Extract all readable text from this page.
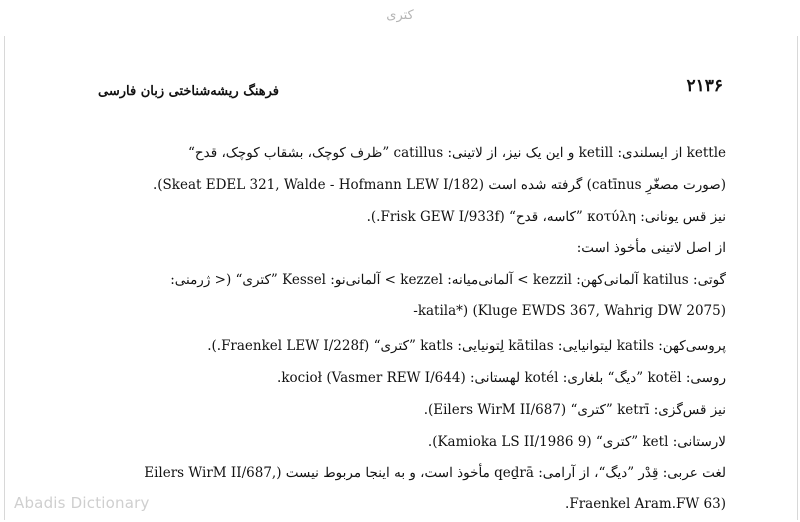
کتری
۲۱۳۶
فرهنگ ریشه‌شناختی زبان فارسی
kettle از ایسلندی: ketill و این یک نیز، از لاتینی: catillus ”ظرف کوچک، بشقاب کوچک، قدح“
(صورت مصغّرِ catīnus) گرفته شده است (Skeat EDEL 321, Walde - Hofmann LEW I/182).
نیز قس یونانی: κοτύλη ”کاسه، قدح“ (Frisk GEW I/933f.).
از اصل لاتینی مأخوذ است:
گوتی: katilus آلمانی‌کهن: kezzil > آلمانی‌میانه: kezzel > آلمانی‌نو: Kessel ”کتری“ (< ژرمنی:
(Kluge EWDS 367, Wahrig DW 2075) (*katila-
پروسی‌کهن: katils لیتوانیایی: kātilas لِتونیایی: katls ”کتری“ (Fraenkel LEW I/228f.).
روسی: kotёl ”دیگ“ بلغاری: kotél لهستانی: kocioł (Vasmer REW I/644).
نیز قس‌گزی: ketrī ”کتری“ (Eilers WirM II/687).
لارستانی: ketl ”کتری“ (Kamioka LS II/1986 9).
لغت عربی: قِدْر ”دیگ“، از آرامی: qeḏrā مأخوذ است، و به اینجا مربوط نیست (,Eilers WirM II/687
(Fraenkel Aram.FW 63.
Abadis Dictionary
